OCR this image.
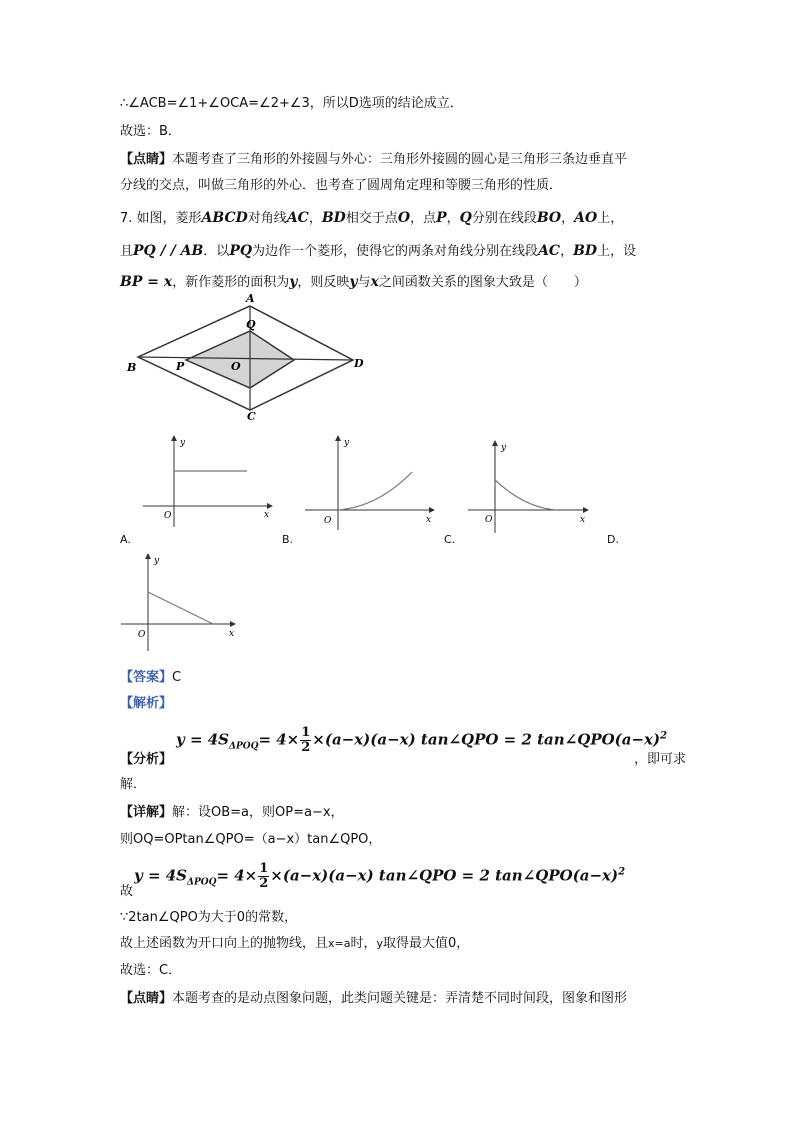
∴∠ACB=∠1+∠OCA=∠2+∠3，所以D选项的结论成立．
故选：B．
【点睛】本题考查了三角形的外接圆与外心：三角形外接圆的圆心是三角形三条边垂直平
分线的交点，叫做三角形的外心．也考查了圆周角定理和等腰三角形的性质．
7. 如图，菱形ABCD对角线AC，BD相交于点O，点P，Q分别在线段BO，AO上，
且PQ / / AB．以PQ为边作一个菱形，使得它的两条对角线分别在线段AC，BD上，设
BP = x，新作菱形的面积为y，则反映y与x之间函数关系的图象大致是（　　）
A
B
C
D
O
P
Q
y
x
O
y
x
O
y
x
O
A.	B.	C.	D.
y
x
O
【答案】C
【解析】
$y = 4S_{\Delta POQ}= 4\times \frac{1}{2} \times(a-x)(a-x)$ tan∠QPO = 2 $\tan\angle QPO(a-x)^2$
【分析】	，即可求
解．
【详解】解：设OB=a，则OP=a−x，
则OQ=OPtan∠QPO=（a−x）tan∠QPO，
$y = 4S_{\Delta POQ}= 4\times \frac{1}{2} \times(a-x)(a-x)$ tan∠QPO = 2 $\tan\angle QPO(a-x)^2$
故
∵2tan∠QPO为大于0的常数，
故上述函数为开口向上的抛物线，且x=a时，y取得最大值0，
故选：C．
【点睛】本题考查的是动点图象问题，此类问题关键是：弄清楚不同时间段，图象和图形
